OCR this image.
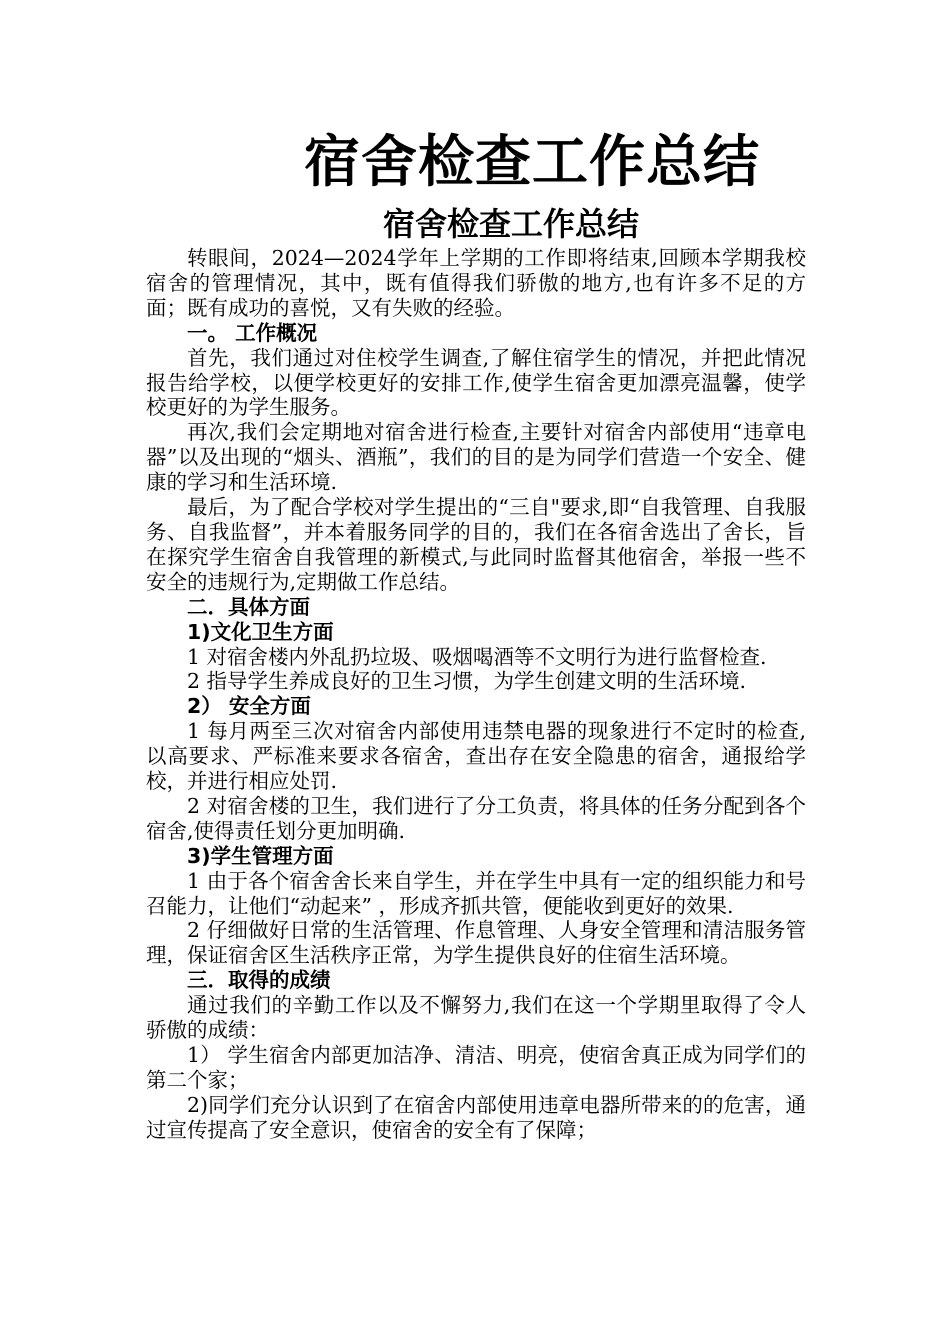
宿舍检查工作总结
宿舍检查工作总结

转眼间，2024—2024学年上学期的工作即将结束,回顾本学期我校宿舍的管理情况，其中，既有值得我们骄傲的地方,也有许多不足的方面；既有成功的喜悦，又有失败的经验。

一。 工作概况

首先，我们通过对住校学生调查,了解住宿学生的情况，并把此情况报告给学校，以便学校更好的安排工作,使学生宿舍更加漂亮温馨，使学校更好的为学生服务。

再次,我们会定期地对宿舍进行检查,主要针对宿舍内部使用“违章电器”以及出现的“烟头、酒瓶”，我们的目的是为同学们营造一个安全、健康的学习和生活环境.

最后，为了配合学校对学生提出的“三自"要求,即“自我管理、自我服务、自我监督”，并本着服务同学的目的，我们在各宿舍选出了舍长，旨在探究学生宿舍自我管理的新模式,与此同时监督其他宿舍，举报一些不安全的违规行为,定期做工作总结。

二．具体方面

1)文化卫生方面

1 对宿舍楼内外乱扔垃圾、吸烟喝酒等不文明行为进行监督检查.

2 指导学生养成良好的卫生习惯，为学生创建文明的生活环境.

2） 安全方面

1 每月两至三次对宿舍内部使用违禁电器的现象进行不定时的检查,以高要求、严标准来要求各宿舍，查出存在安全隐患的宿舍，通报给学校，并进行相应处罚.

2 对宿舍楼的卫生，我们进行了分工负责，将具体的任务分配到各个宿舍,使得责任划分更加明确.

3)学生管理方面

1 由于各个宿舍舍长来自学生，并在学生中具有一定的组织能力和号召能力，让他们“动起来” ，形成齐抓共管，便能收到更好的效果.

2 仔细做好日常的生活管理、作息管理、人身安全管理和清洁服务管理，保证宿舍区生活秩序正常，为学生提供良好的住宿生活环境。

三．取得的成绩

通过我们的辛勤工作以及不懈努力,我们在这一个学期里取得了令人骄傲的成绩：

1） 学生宿舍内部更加洁净、清洁、明亮，使宿舍真正成为同学们的第二个家；

2)同学们充分认识到了在宿舍内部使用违章电器所带来的的危害，通过宣传提高了安全意识，使宿舍的安全有了保障；
